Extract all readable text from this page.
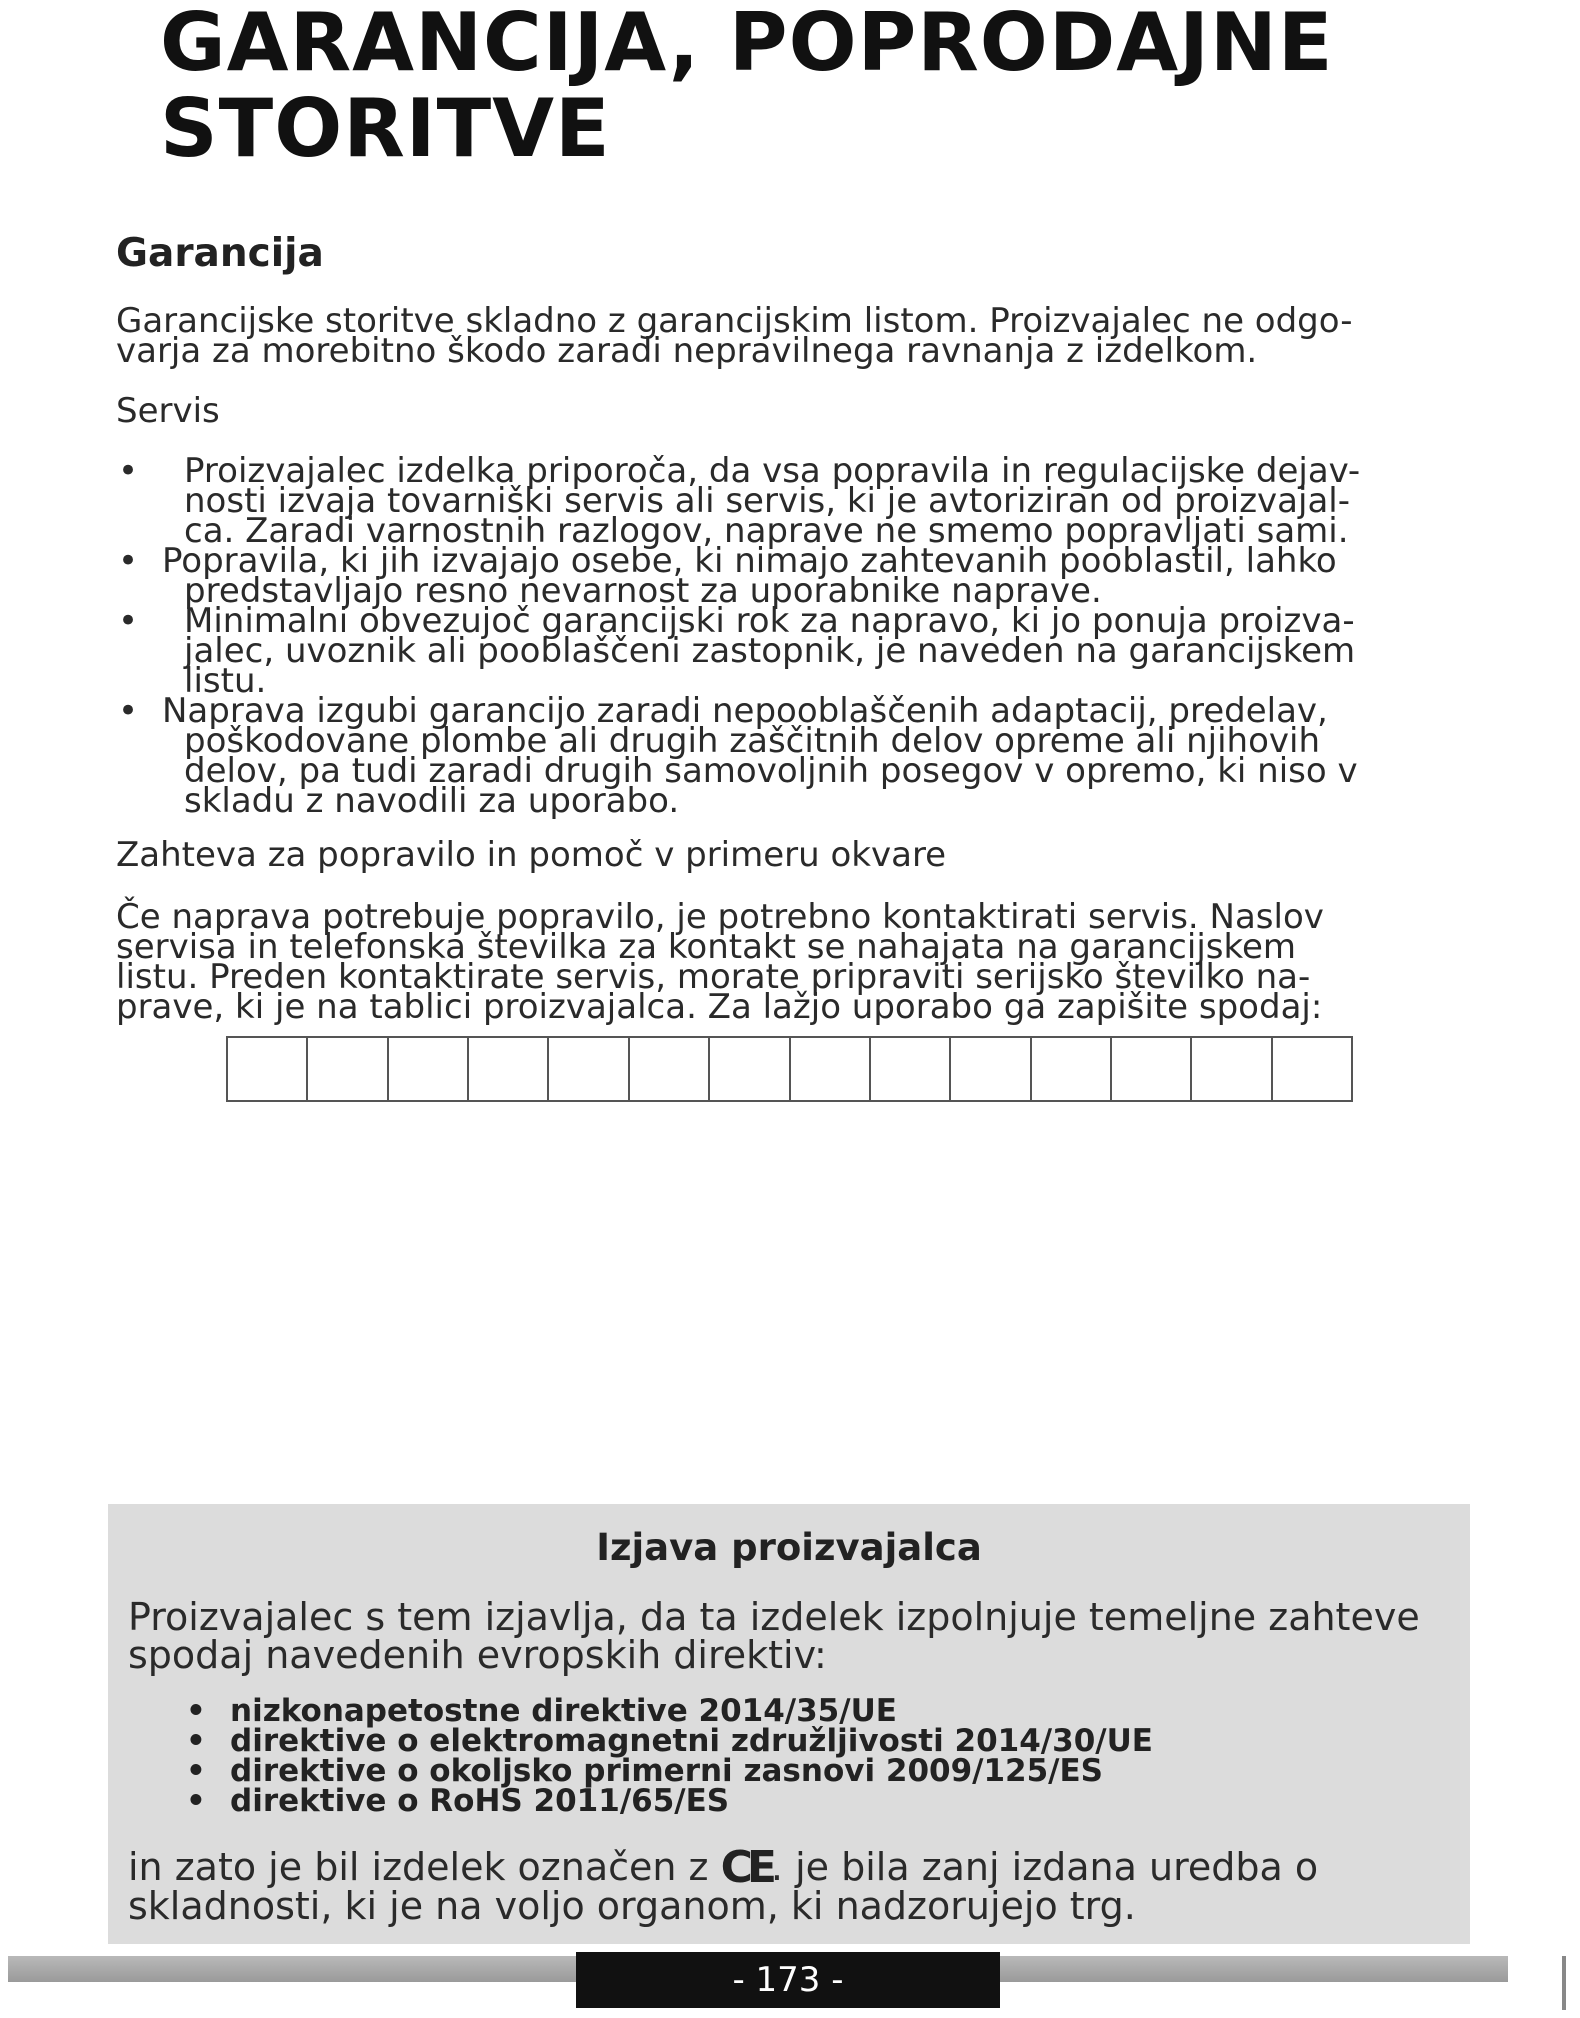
GARANCIJA, POPRODAJNE
STORITVE
Garancija

Garancijske storitve skladno z garancijskim listom. Proizvajalec ne odgo-
varja za morebitno škodo zaradi nepravilnega ravnanja z izdelkom.

Servis

• Proizvajalec izdelka priporoča, da vsa popravila in regulacijske dejav-
nosti izvaja tovarniški servis ali servis, ki je avtoriziran od proizvajal-
ca. Zaradi varnostnih razlogov, naprave ne smemo popravljati sami.
• Popravila, ki jih izvajajo osebe, ki nimajo zahtevanih pooblastil, lahko
predstavljajo resno nevarnost za uporabnike naprave.
• Minimalni obvezujoč garancijski rok za napravo, ki jo ponuja proizva-
jalec, uvoznik ali pooblaščeni zastopnik, je naveden na garancijskem
listu.
• Naprava izgubi garancijo zaradi nepooblaščenih adaptacij, predelav,
poškodovane plombe ali drugih zaščitnih delov opreme ali njihovih
delov, pa tudi zaradi drugih samovoljnih posegov v opremo, ki niso v
skladu z navodili za uporabo.

Zahteva za popravilo in pomoč v primeru okvare

Če naprava potrebuje popravilo, je potrebno kontaktirati servis. Naslov
servisa in telefonska številka za kontakt se nahajata na garancijskem
listu. Preden kontaktirate servis, morate pripraviti serijsko številko na-
prave, ki je na tablici proizvajalca. Za lažjo uporabo ga zapišite spodaj:

Izjava proizvajalca

Proizvajalec s tem izjavlja, da ta izdelek izpolnjuje temeljne zahteve
spodaj navedenih evropskih direktiv:

• nizkonapetostne direktive 2014/35/UE
• direktive o elektromagnetni združljivosti 2014/30/UE
• direktive o okoljsko primerni zasnovi 2009/125/ES
• direktive o RoHS 2011/65/ES

in zato je bil izdelek označen z CE. je bila zanj izdana uredba o
skladnosti, ki je na voljo organom, ki nadzorujejo trg.

- 173 -
